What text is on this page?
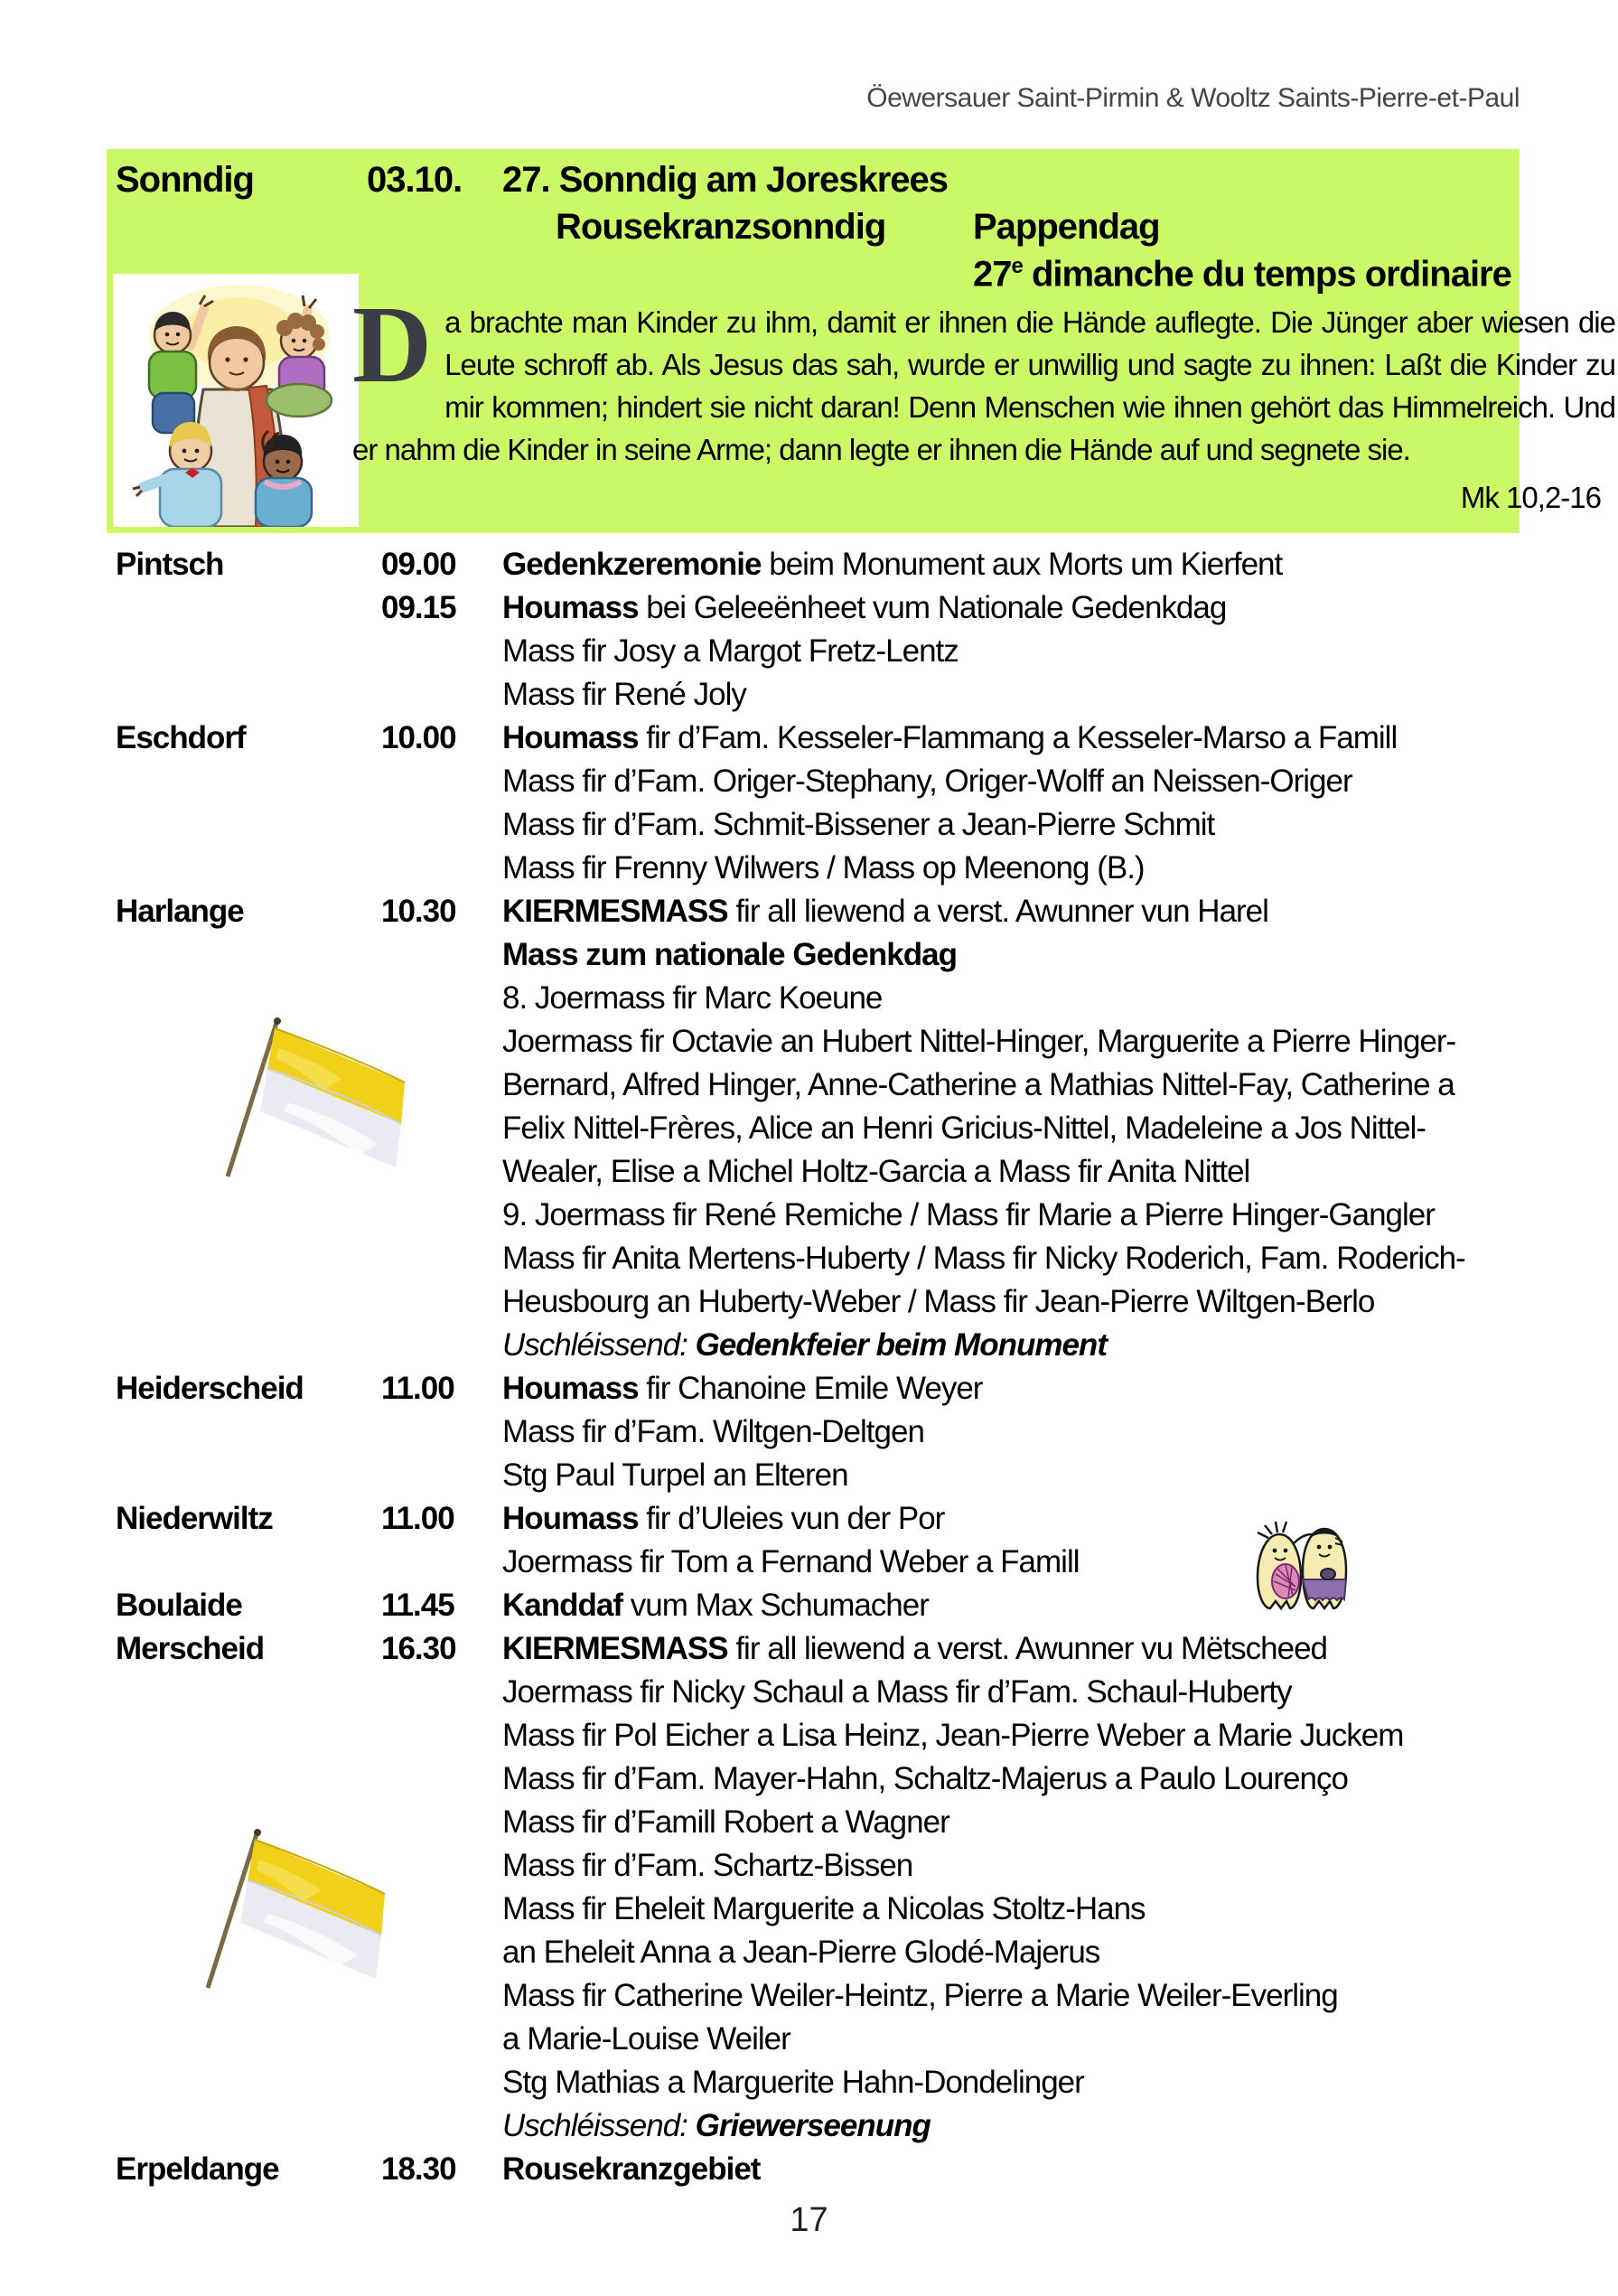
Öewersauer Saint-Pirmin & Wooltz Saints-Pierre-et-Paul
Sonndig	03.10. 27. Sonndig am Joreskrees
Rousekranzsonndig Pappendag
27e dimanche du temps ordinaire
Da brachte man Kinder zu ihm, damit er ihnen die Hände auflegte. Die Jünger aber wiesen die Leute schroff ab. Als Jesus das sah, wurde er unwillig und sagte zu ihnen: Laßt die Kinder zu mir kommen; hindert sie nicht daran! Denn Menschen wie ihnen gehört das Himmelreich. Und er nahm die Kinder in seine Arme; dann legte er ihnen die Hände auf und segnete sie.
Mk 10,2-16
Pintsch	09.00 Gedenkzeremonie beim Monument aux Morts um Kierfent
09.15 Houmass bei Geleeënheet vum Nationale Gedenkdag
Mass fir Josy a Margot Fretz-Lentz
Mass fir René Joly
Eschdorf	10.00 Houmass fir d’Fam. Kesseler-Flammang a Kesseler-Marso a Famill
Mass fir d’Fam. Origer-Stephany, Origer-Wolff an Neissen-Origer
Mass fir d’Fam. Schmit-Bissener a Jean-Pierre Schmit
Mass fir Frenny Wilwers / Mass op Meenong (B.)
Harlange	10.30 KIERMESMASS fir all liewend a verst. Awunner vun Harel
Mass zum nationale Gedenkdag
8. Joermass fir Marc Koeune
Joermass fir Octavie an Hubert Nittel-Hinger, Marguerite a Pierre Hinger-
Bernard, Alfred Hinger, Anne-Catherine a Mathias Nittel-Fay, Catherine a
Felix Nittel-Frères, Alice an Henri Gricius-Nittel, Madeleine a Jos Nittel-
Wealer, Elise a Michel Holtz-Garcia a Mass fir Anita Nittel
9. Joermass fir René Remiche / Mass fir Marie a Pierre Hinger-Gangler
Mass fir Anita Mertens-Huberty / Mass fir Nicky Roderich, Fam. Roderich-
Heusbourg an Huberty-Weber / Mass fir Jean-Pierre Wiltgen-Berlo
Uschléissend: Gedenkfeier beim Monument
Heiderscheid 11.00 Houmass fir Chanoine Emile Weyer
Mass fir d’Fam. Wiltgen-Deltgen
Stg Paul Turpel an Elteren
Niederwiltz	11.00 Houmass fir d’Uleies vun der Por
Joermass fir Tom a Fernand Weber a Famill
Boulaide	11.45 Kanddaf vum Max Schumacher
Merscheid	16.30 KIERMESMASS fir all liewend a verst. Awunner vu Mëtscheed
Joermass fir Nicky Schaul a Mass fir d’Fam. Schaul-Huberty
Mass fir Pol Eicher a Lisa Heinz, Jean-Pierre Weber a Marie Juckem
Mass fir d’Fam. Mayer-Hahn, Schaltz-Majerus a Paulo Lourenço
Mass fir d’Famill Robert a Wagner
Mass fir d’Fam. Schartz-Bissen
Mass fir Eheleit Marguerite a Nicolas Stoltz-Hans
an Eheleit Anna a Jean-Pierre Glodé-Majerus
Mass fir Catherine Weiler-Heintz, Pierre a Marie Weiler-Everling
a Marie-Louise Weiler
Stg Mathias a Marguerite Hahn-Dondelinger
Uschléissend: Griewerseenung
Erpeldange	18.30 Rousekranzgebiet
17
